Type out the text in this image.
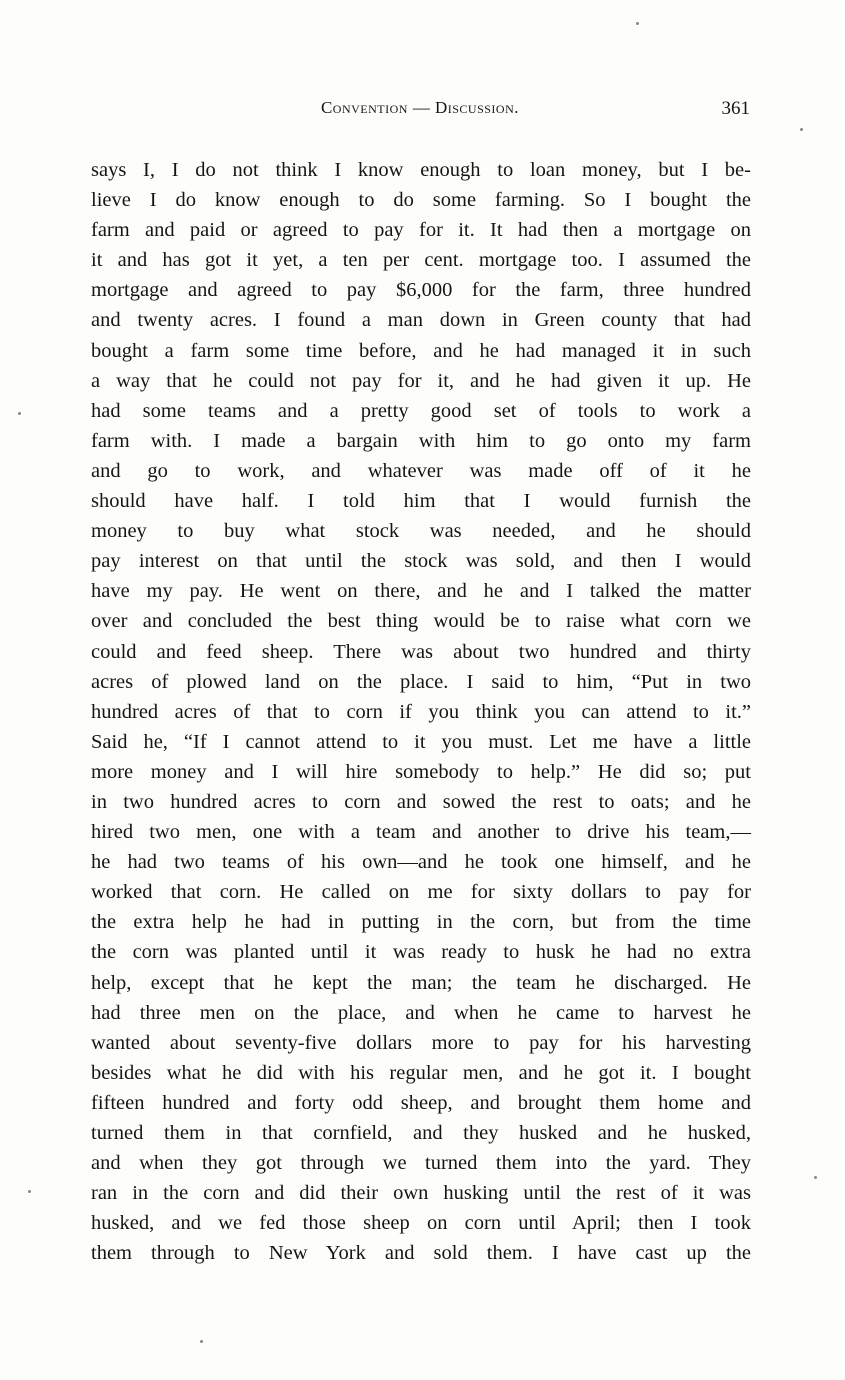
Convention — Discussion.	361
says I, I do not think I know enough to loan money, but I be-
lieve I do know enough to do some farming. So I bought the
farm and paid or agreed to pay for it. It had then a mortgage on
it and has got it yet, a ten per cent. mortgage too. I assumed the
mortgage and agreed to pay $6,000 for the farm, three hundred
and twenty acres. I found a man down in Green county that had
bought a farm some time before, and he had managed it in such
a way that he could not pay for it, and he had given it up. He
had some teams and a pretty good set of tools to work a
farm with. I made a bargain with him to go onto my farm
and go to work, and whatever was made off of it he
should have half. I told him that I would furnish the
money to buy what stock was needed, and he should
pay interest on that until the stock was sold, and then I would
have my pay. He went on there, and he and I talked the matter
over and concluded the best thing would be to raise what corn we
could and feed sheep. There was about two hundred and thirty
acres of plowed land on the place. I said to him, “Put in two
hundred acres of that to corn if you think you can attend to it.”
Said he, “If I cannot attend to it you must. Let me have a little
more money and I will hire somebody to help.” He did so; put
in two hundred acres to corn and sowed the rest to oats; and he
hired two men, one with a team and another to drive his team,—
he had two teams of his own—and he took one himself, and he
worked that corn. He called on me for sixty dollars to pay for
the extra help he had in putting in the corn, but from the time
the corn was planted until it was ready to husk he had no extra
help, except that he kept the man; the team he discharged. He
had three men on the place, and when he came to harvest he
wanted about seventy-five dollars more to pay for his harvesting
besides what he did with his regular men, and he got it. I bought
fifteen hundred and forty odd sheep, and brought them home and
turned them in that cornfield, and they husked and he husked,
and when they got through we turned them into the yard. They
ran in the corn and did their own husking until the rest of it was
husked, and we fed those sheep on corn until April; then I took
them through to New York and sold them. I have cast up the
